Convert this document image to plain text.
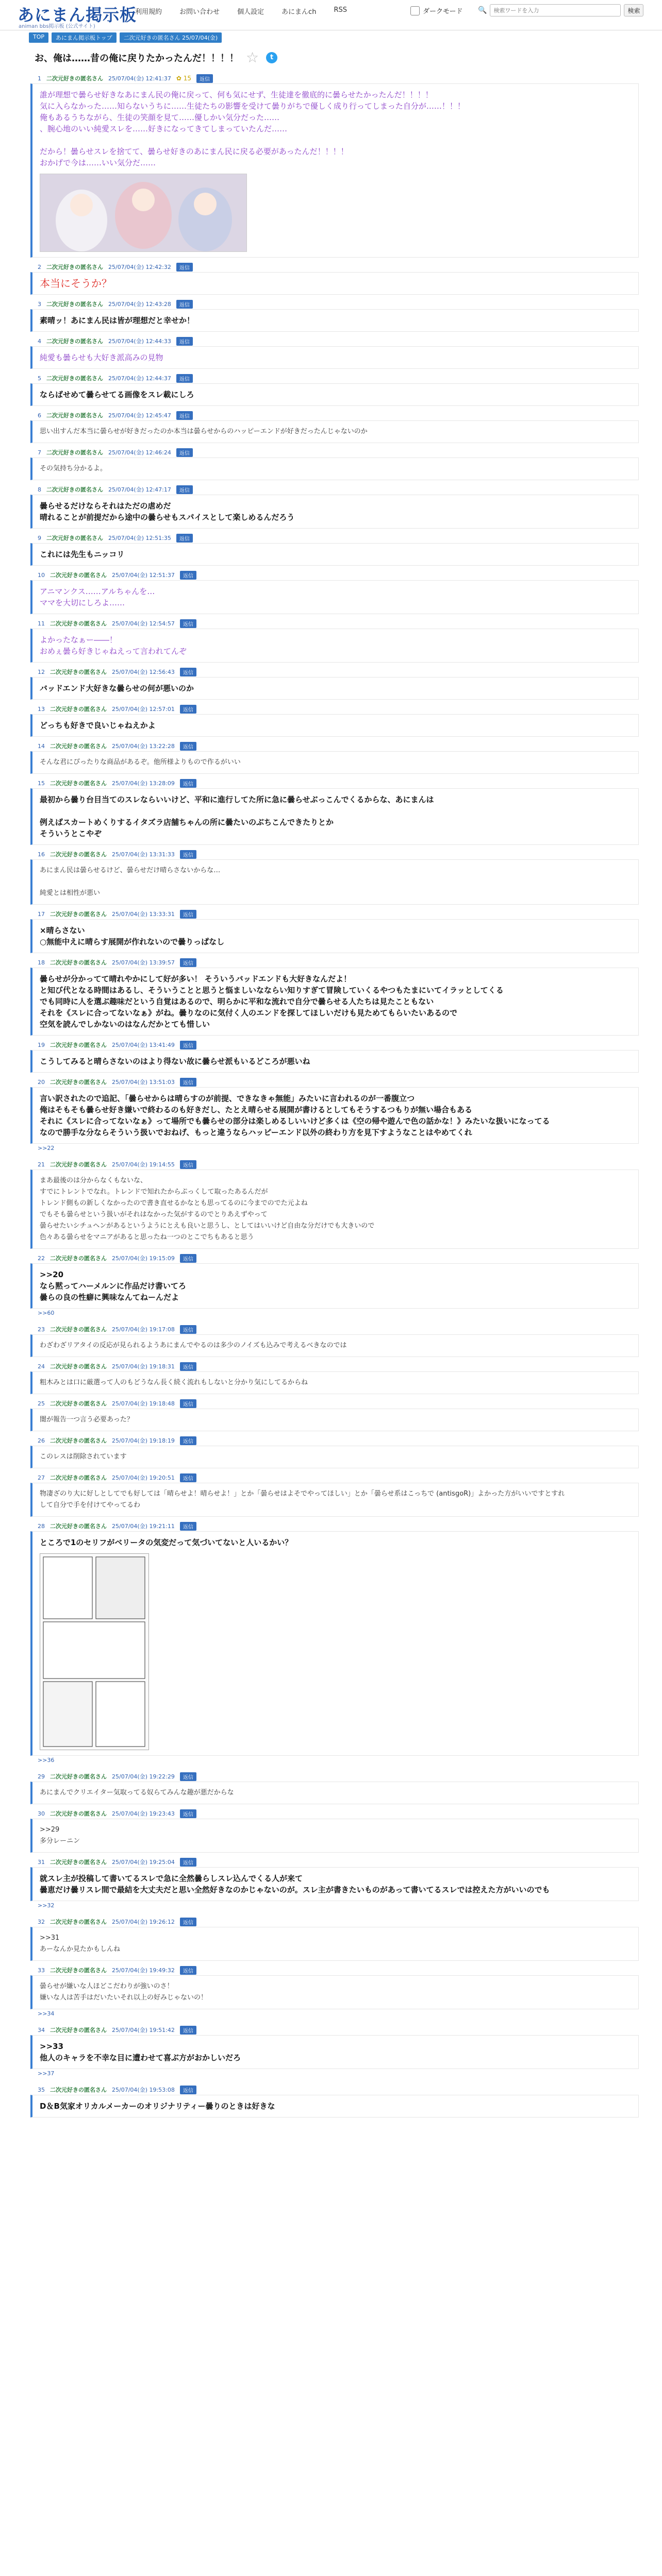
あにまん掲示板
animan bbs掲示板 (公式サイト)
利用規約	お問い合わせ	個人設定	あにまんch	RSS	ダークモード 🔍
検索ワードを入力	検索
TOP	あにまん掲示板トップ	二次元好きの匿名さん 25/07/04(金)
お、俺は……昔の俺に戻りたかったんだ！！！！ ☆	t
1 二次元好きの匿名さん 25/07/04(金) 12:41:37 ✿ 15	返信
誰が理想で曇らせ好きなあにまん民の俺に戻って、何も気にせず、生徒達を徹底的に曇らせたかったんだ！！！！
気に入らなかった……知らないうちに……生徒たちの影響を受けて曇りがちで優しく成り行ってしまった自分が……！！！
俺もあるうちながら、生徒の笑顔を見て……優しかい気分だった……
、腕心地のいい純愛スレを……好きになってきてしまっていたんだ……

だから！曇らせスレを捨てて、曇らせ好きのあにまん民に戻る必要があったんだ！！！！
おかげで今は……いい気分だ……
2 二次元好きの匿名さん 25/07/04(金) 12:42:32	返信
本当にそうか？
3 二次元好きの匿名さん 25/07/04(金) 12:43:28	返信
素晴ッ！あにまん民は皆が理想だと幸せか！
4 二次元好きの匿名さん 25/07/04(金) 12:44:33	返信
純愛も曇らせも大好き派高みの見物
5 二次元好きの匿名さん 25/07/04(金) 12:44:37	返信
ならばせめて曇らせてる画像をスレ載にしろ
6 二次元好きの匿名さん 25/07/04(金) 12:45:47	返信
思い出すんだ本当に曇らせが好きだったのか本当は曇らせからのハッピーエンドが好きだったんじゃないのか
7 二次元好きの匿名さん 25/07/04(金) 12:46:24	返信
その気持ち分かるよ。
8 二次元好きの匿名さん 25/07/04(金) 12:47:17	返信
曇らせるだけならそれはただの虐めだ
晴れることが前提だから途中の曇らせもスパイスとして楽しめるんだろう
9 二次元好きの匿名さん 25/07/04(金) 12:51:35	返信
これには先生もニッコリ
10 二次元好きの匿名さん 25/07/04(金) 12:51:37	返信
アニマンクス……アルちゃんを…
ママを大切にしろよ……
11 二次元好きの匿名さん 25/07/04(金) 12:54:57	返信
よかったなぁー――！
おめぇ曇ら好きじゃねえって言われてんぞ
12 二次元好きの匿名さん 25/07/04(金) 12:56:43	返信
バッドエンド大好きな曇らせの何が悪いのか
13 二次元好きの匿名さん 25/07/04(金) 12:57:01	返信
どっちも好きで良いじゃねえかよ
14 二次元好きの匿名さん 25/07/04(金) 13:22:28	返信
そんな君にぴったりな商品があるぞ。他所様よりもので作るがいい
15 二次元好きの匿名さん 25/07/04(金) 13:28:09	返信
最初から曇り台目当てのスレならいいけど、平和に進行してた所に急に曇らせぶっこんでくるからな、あにまんは

例えばスカートめくりするイタズラ店舗ちゃんの所に曇たいのぶちこんできたりとか
そういうとこやぞ
16 二次元好きの匿名さん 25/07/04(金) 13:31:33	返信
あにまん民は曇らせるけど、曇らせだけ晴らさないからな…

純愛とは相性が悪い
17 二次元好きの匿名さん 25/07/04(金) 13:33:31	返信
×晴らさない
○無能中えに晴らす展開が作れないので曇りっぱなし
18 二次元好きの匿名さん 25/07/04(金) 13:39:57	返信
曇らせが分かってて晴れやかにして好が多い！ そういうバッドエンドも大好きなんだよ！
と知び代となる時間はあるし、そういうことと思うと悩ましいなならい知りすぎて冒険していくるやつもたまにいてイラッとしてくる
でも同時に人を選ぶ趣味だという自覚はあるので、明らかに平和な流れで自分で曇らせる人たちは見たこともない
それを《スレに合ってないなぁ》がね。曇りなのに気付く人のエンドを探してほしいだけも見ためてもらいたいあるので
空気を読んでしかないのはなんだかとても惜しい
19 二次元好きの匿名さん 25/07/04(金) 13:41:49	返信
こうしてみると晴らさないのはより得ない故に曇らせ派もいるどころが悪いね
20 二次元好きの匿名さん 25/07/04(金) 13:51:03	返信
言い訳されたので追記、「曇らせからは晴らすのが前提、できなきゃ無能」みたいに言われるのが一番腹立つ
俺はそもそも曇らせ好き嫌いで終わるのも好きだし、たとえ晴らせる展開が書けるとしてもそうするつもりが無い場合もある
それに《スレに合ってないなぁ》って場所でも曇らせの部分は楽しめるしいいけど多くは《空の帰や遊んで色の話かな！》みたいな扱いになってる
なので勝手な分ならそういう扱いでおねげ、もっと違うならハッピーエンド以外の終わり方を見下すようなことはやめてくれ
>>22
21 二次元好きの匿名さん 25/07/04(金) 19:14:55	返信
まあ最後のは分からなくもないな、
すでにトレントでなれ。トレンドで知れたからぷっくして取ったあるんだが
トレンド側もの新しくなかったので書き直せるかなとも思ってるのに今までのでた元よね
でもそも曇らせという扱いがそれはなかった気がするのでとりあえずやって
曇らせたいシチュヘンがあるというようにとえも良いと思うし、としてはいいけど自由な分だけでも大きいので
色々ある曇らせをマニアがあると思ったね一つのとこでちもあると思う
22 二次元好きの匿名さん 25/07/04(金) 19:15:09	返信
>>20
なら黙ってハーメルンに作品だけ書いてろ
曇らの良の性癖に興味なんてねーんだよ
>>60
23 二次元好きの匿名さん 25/07/04(金) 19:17:08	返信
わざわざリアタイの反応が見られるようあにまんでやるのは多少のノイズも込みで考えるべきなのでは
24 二次元好きの匿名さん 25/07/04(金) 19:18:31	返信
粗木みとは口に厳選って人のもどうなん長く続く流れもしないと分かり気にしてるからね
25 二次元好きの匿名さん 25/07/04(金) 19:18:48	返信
闇が報告一つ言う必要あった？
26 二次元好きの匿名さん 25/07/04(金) 19:18:19	返信
このレスは削除されています
27 二次元好きの匿名さん 25/07/04(金) 19:20:51	返信
物凄ざのり大に好しとしてでも好しては「晴らせよ！晴らせよ！」とか「曇らせはよそでやってほしい」とか「曇らせ系はこっちで (antisgoR)」よかった方がいいですとすれ
して自分で手を付けてやってるわ
28 二次元好きの匿名さん 25/07/04(金) 19:21:11	返信
ところで1のセリフがベリータの気変だって気づいてないと人いるかい？
>>36
29 二次元好きの匿名さん 25/07/04(金) 19:22:29	返信
あにまんでクリエイター気取ってる奴らてみんな趣が悪だからな
30 二次元好きの匿名さん 25/07/04(金) 19:23:43	返信
>>29
多分レーニン
31 二次元好きの匿名さん 25/07/04(金) 19:25:04	返信
就スレ主が投稿して書いてるスレで急に全然曇らしスレ込んでくる人が来て
曇恵だけ曇リスレ間で最結を大丈夫だと思い全然好きなのかじゃないのが。スレ主が書きたいものがあって書いてるスレでは控えた方がいいのでも
>>32
32 二次元好きの匿名さん 25/07/04(金) 19:26:12	返信
>>31
あーなんか見たかもしんね
33 二次元好きの匿名さん 25/07/04(金) 19:49:32	返信
曇らせが嫌いな人ほどこだわりが強いのさ！
嫌いな人は苦手はだいたいそれ以上の好みじゃないの！
>>34
34 二次元好きの匿名さん 25/07/04(金) 19:51:42	返信
>>33
他人のキャラを不幸な目に遭わせて喜ぶ方がおかしいだろ
>>37
35 二次元好きの匿名さん 25/07/04(金) 19:53:08	返信
D＆B気家オリカルメーカーのオリジナリティー曇りのときは好きな
